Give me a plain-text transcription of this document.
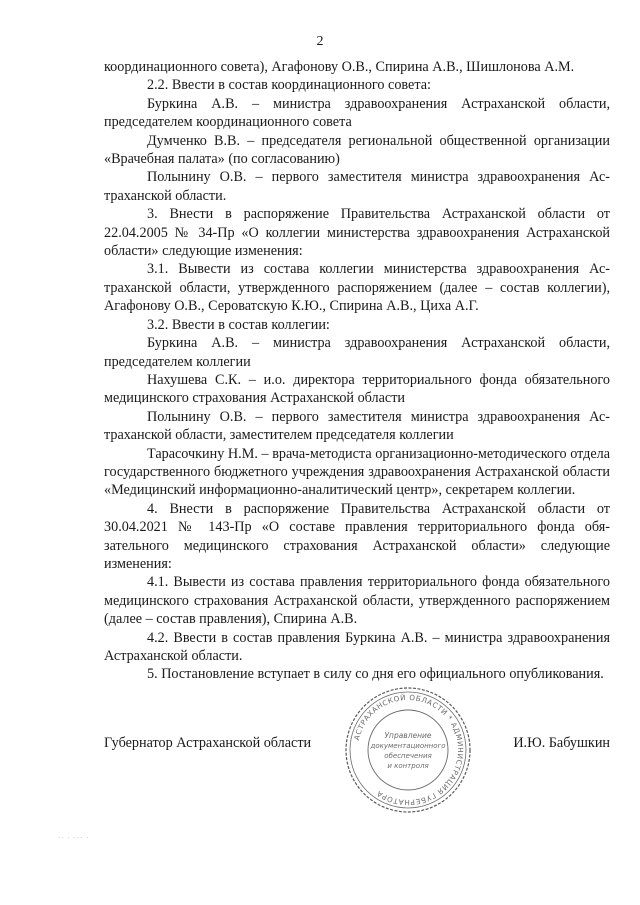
2

координационного совета), Агафонову О.В., Спирина А.В., Шишлонова А.М.

2.2. Ввести в состав координационного совета:

Буркина А.В. – министра здравоохранения Астраханской области, председателем координационного совета

Думченко В.В. – председателя региональной общественной организации «Врачебная палата» (по согласованию)

Полынину О.В. – первого заместителя министра здравоохранения Астраханской области.

3. Внести в распоряжение Правительства Астраханской области от 22.04.2005 № 34-Пр «О коллегии министерства здравоохранения Астраханской области» следующие изменения:

3.1. Вывести из состава коллегии министерства здравоохранения Астраханской области, утвержденного распоряжением (далее – состав коллегии), Агафонову О.В., Сероватскую К.Ю., Спирина А.В., Циха А.Г.

3.2. Ввести в состав коллегии:

Буркина А.В. – министра здравоохранения Астраханской области, председателем коллегии

Нахушева С.К. – и.о. директора территориального фонда обязательного медицинского страхования Астраханской области

Полынину О.В. – первого заместителя министра здравоохранения Астраханской области, заместителем председателя коллегии

Тарасочкину Н.М. – врача-методиста организационно-методического отдела государственного бюджетного учреждения здравоохранения Астраханской области «Медицинский информационно-аналитический центр», секретарем коллегии.

4. Внести в распоряжение Правительства Астраханской области от 30.04.2021 № 143-Пр «О составе правления территориального фонда обязательного медицинского страхования Астраханской области» следующие изменения:

4.1. Вывести из состава правления территориального фонда обязательного медицинского страхования Астраханской области, утвержденного распоряжением (далее – состав правления), Спирина А.В.

4.2. Ввести в состав правления Буркина А.В. – министра здравоохранения Астраханской области.

5. Постановление вступает в силу со дня его официального опубликования.

Губернатор Астраханской области	И.Ю. Бабушкин
АСТРАХАНСКОЙ ОБЛАСТИ * АДМИНИСТРАЦИЯ ГУБЕРНАТОРА
Управление
документационного
обеспечения
и контроля
·· · ··· ·
